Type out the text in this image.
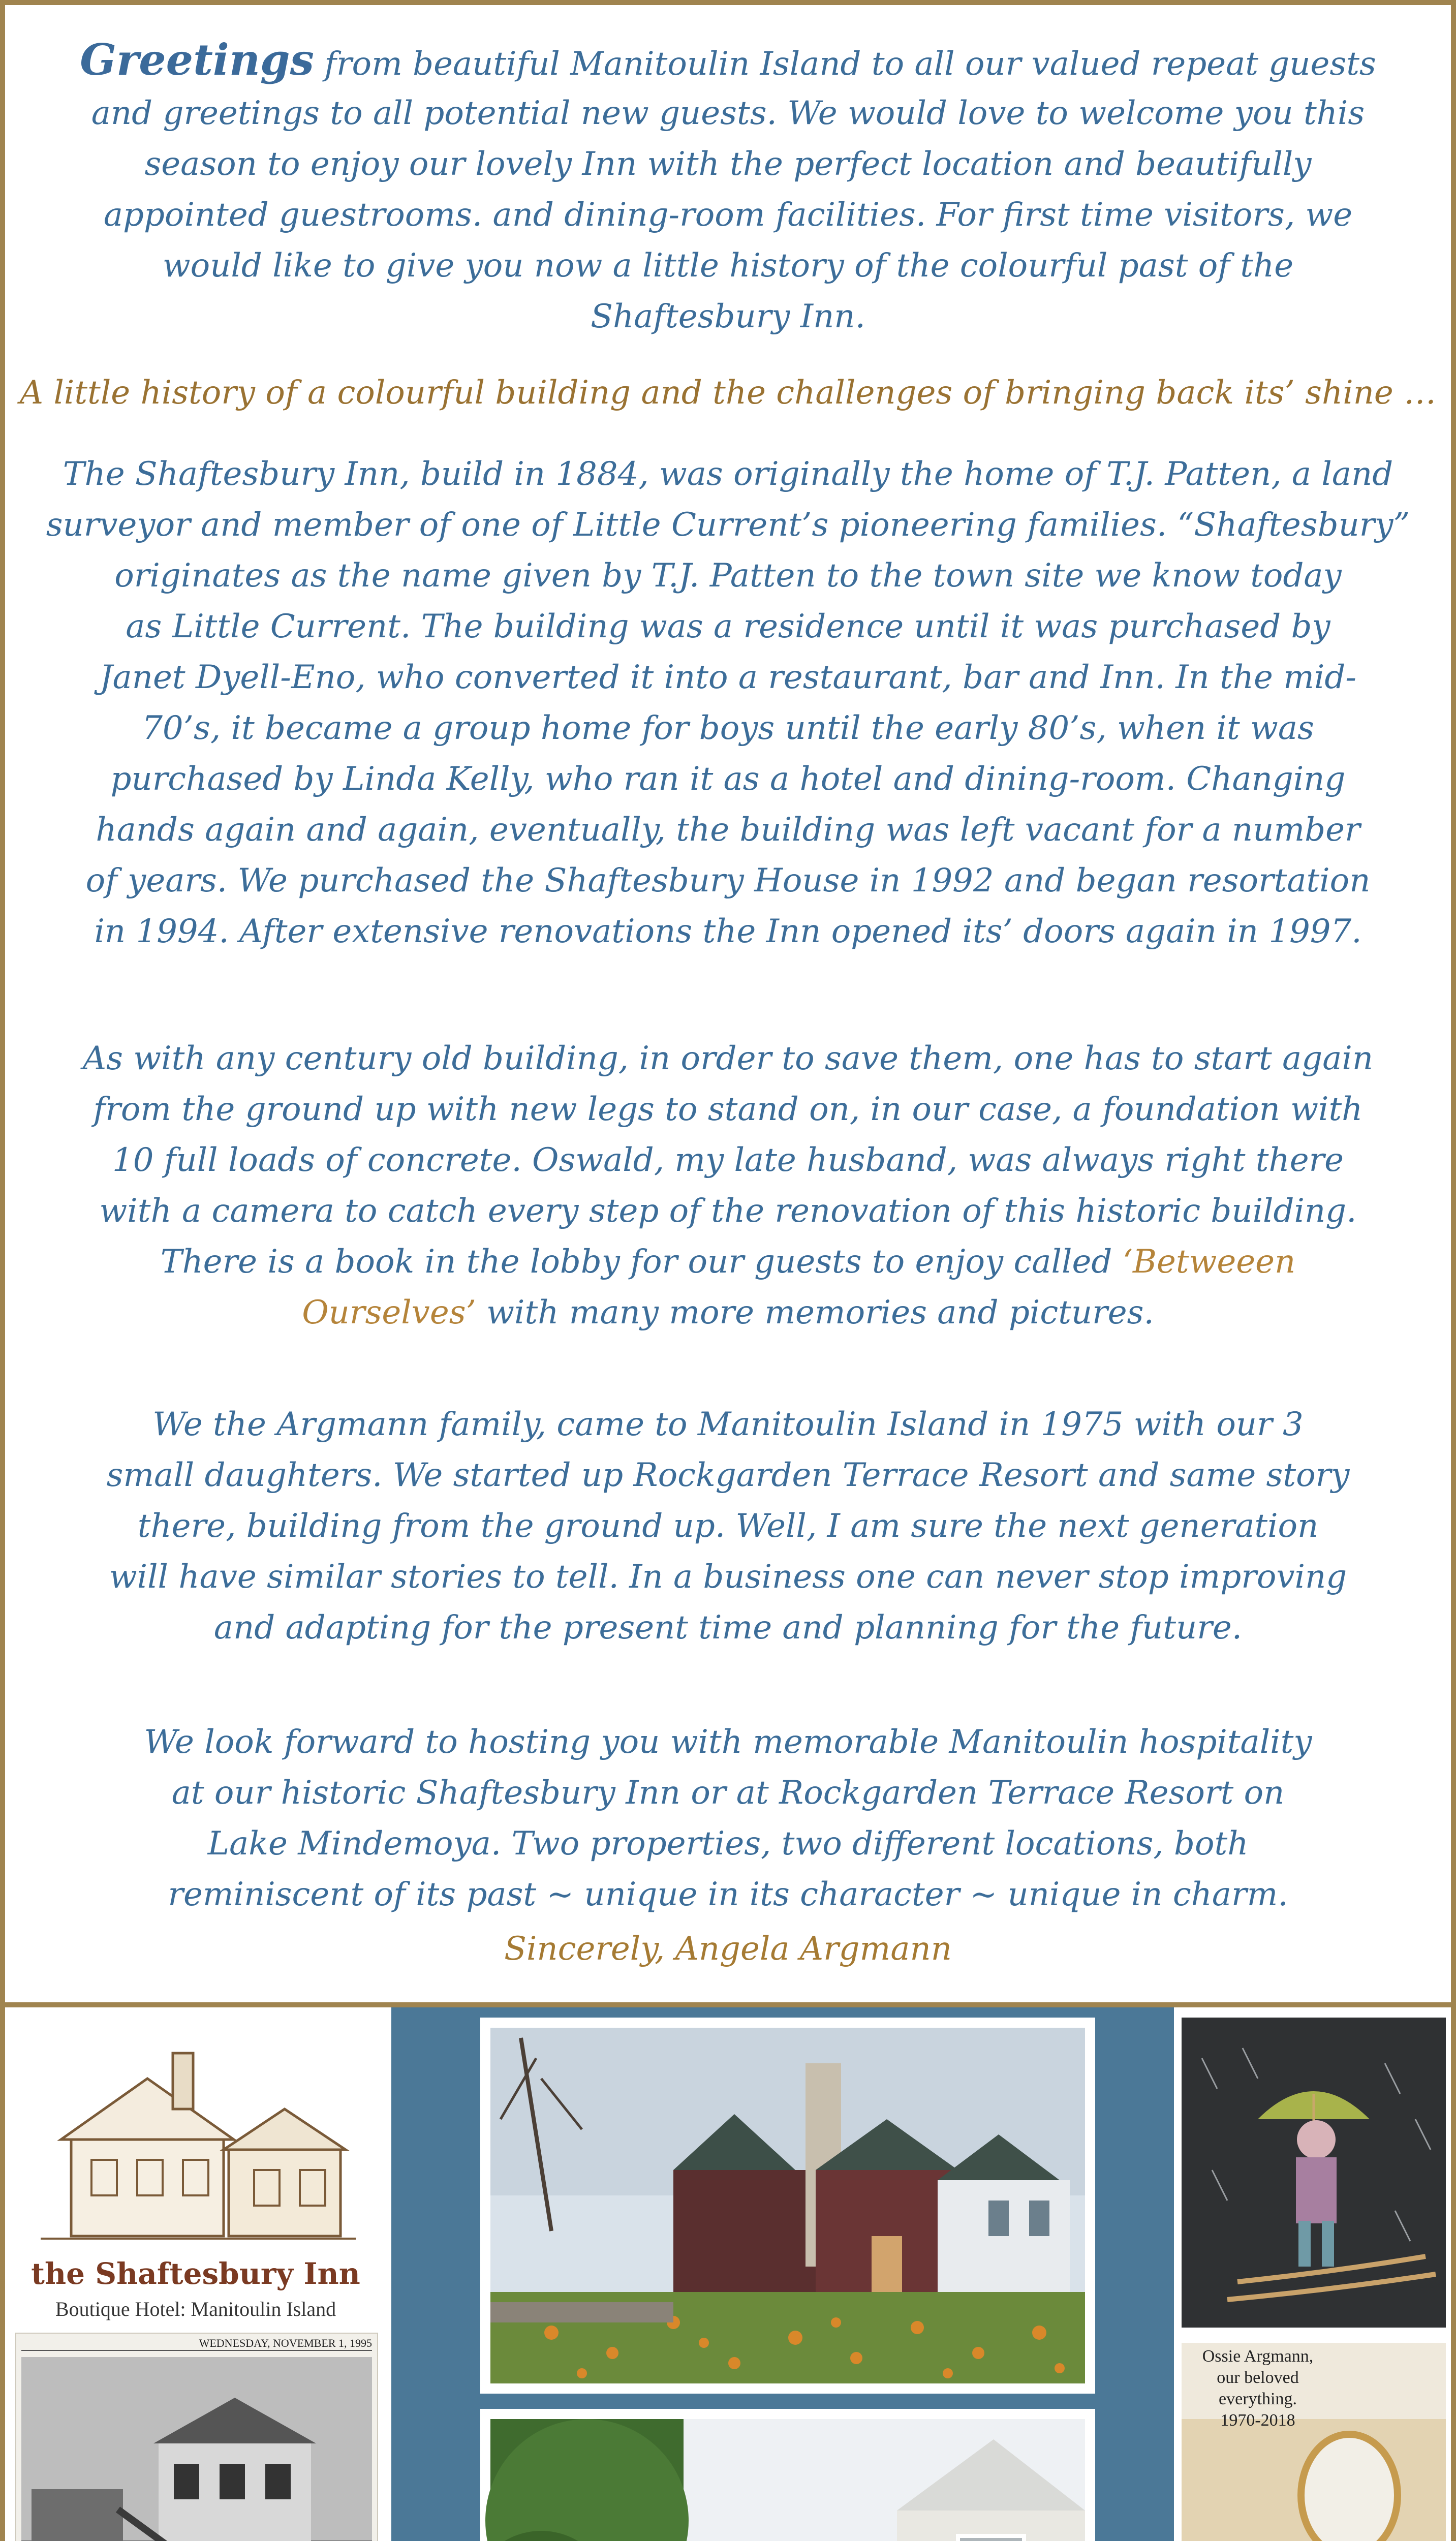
Greetings from beautiful Manitoulin Island to all our valued repeat guests

and greetings to all potential new guests. We would love to welcome you this

season to enjoy our lovely Inn with the perfect location and beautifully

appointed guestrooms. and dining-room facilities. For first time visitors, we

would like to give you now a little history of the colourful past of the

Shaftesbury Inn.

A little history of a colourful building and the challenges of bringing back its’ shine …

The Shaftesbury Inn, build in 1884, was originally the home of T.J. Patten, a land

surveyor and member of one of Little Current’s pioneering families. “Shaftesbury”

originates as the name given by T.J. Patten to the town site we know today

as Little Current. The building was a residence until it was purchased by

Janet Dyell-Eno, who converted it into a restaurant, bar and Inn. In the mid-

70’s, it became a group home for boys until the early 80’s, when it was

purchased by Linda Kelly, who ran it as a hotel and dining-room. Changing

hands again and again, eventually, the building was left vacant for a number

of years. We purchased the Shaftesbury House in 1992 and began resortation

in 1994. After extensive renovations the Inn opened its’ doors again in 1997.

As with any century old building, in order to save them, one has to start again

from the ground up with new legs to stand on, in our case, a foundation with

10 full loads of concrete. Oswald, my late husband, was always right there

with a camera to catch every step of the renovation of this historic building.

There is a book in the lobby for our guests to enjoy called ‘Betweeen

Ourselves’ with many more memories and pictures.

We the Argmann family, came to Manitoulin Island in 1975 with our 3

small daughters. We started up Rockgarden Terrace Resort and same story

there, building from the ground up. Well, I am sure the next generation

will have similar stories to tell. In a business one can never stop improving

and adapting for the present time and planning for the future.

We look forward to hosting you with memorable Manitoulin hospitality

at our historic Shaftesbury Inn or at Rockgarden Terrace Resort on

Lake Mindemoya. Two properties, two different locations, both

reminiscent of its past ~ unique in its character ~ unique in charm.

Sincerely, Angela Argmann

the Shaftesbury Inn
Boutique Hotel: Manitoulin Island
WEDNESDAY, NOVEMBER 1, 1995
Ossie Argmann,
our beloved everything.
1970-2018
